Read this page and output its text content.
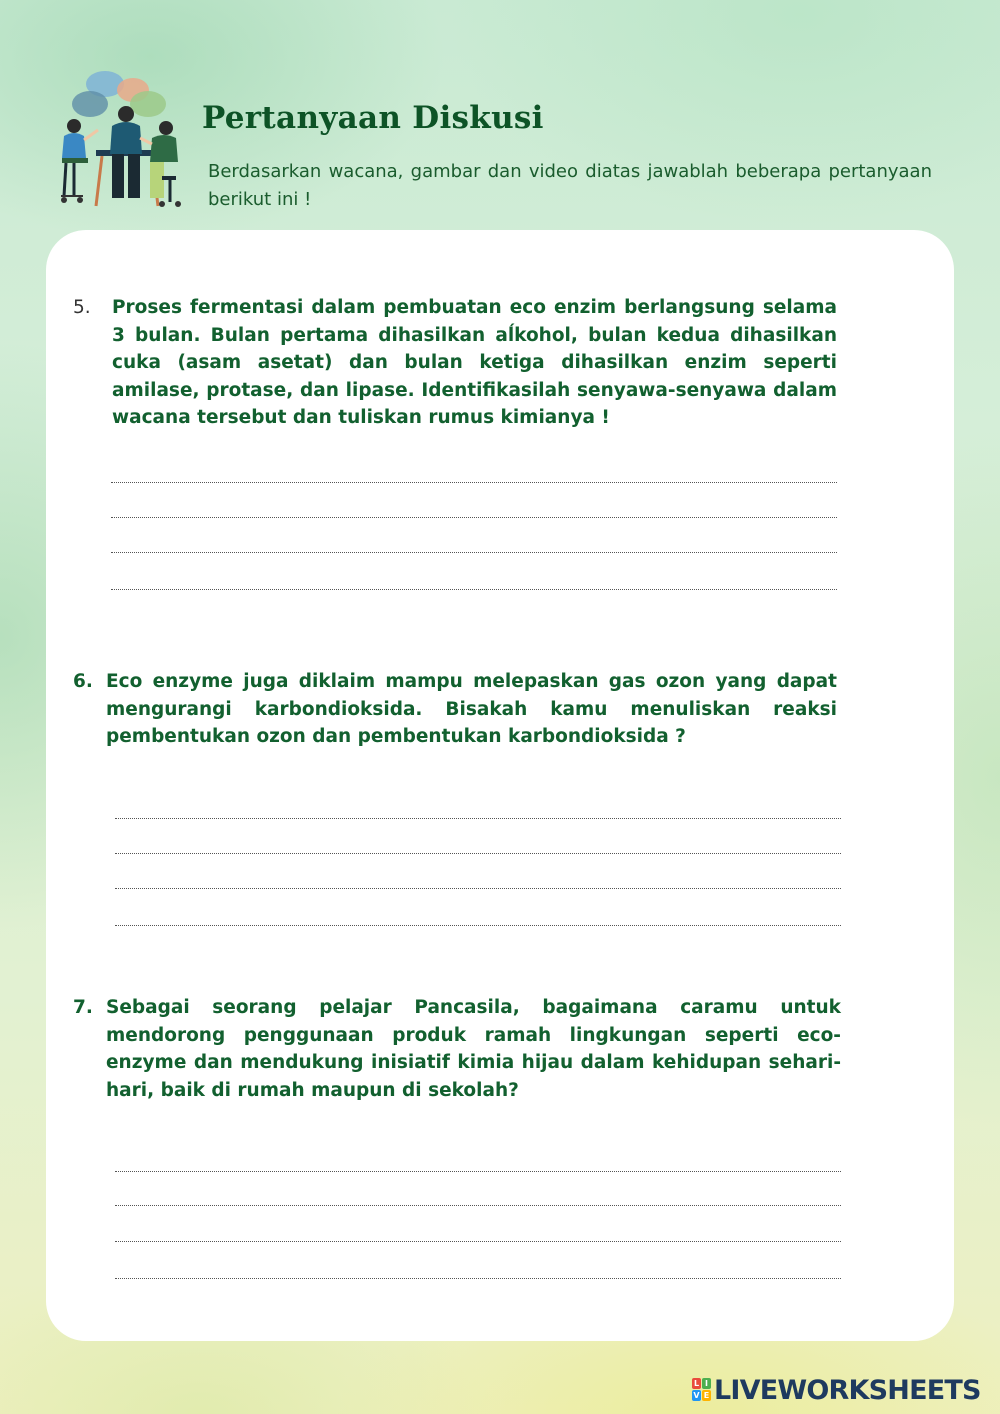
Pertanyaan Diskusi
Berdasarkan wacana, gambar dan video diatas jawablah beberapa pertanyaan berikut ini !
5. Proses fermentasi dalam pembuatan eco enzim berlangsung selama 3 bulan. Bulan pertama dihasilkan aĺkohol, bulan kedua dihasilkan cuka (asam asetat) dan bulan ketiga dihasilkan enzim seperti amilase, protase, dan lipase. Identifikasilah senyawa-senyawa dalam wacana tersebut dan tuliskan rumus kimianya !
6. Eco enzyme juga diklaim mampu melepaskan gas ozon yang dapat mengurangi karbondioksida. Bisakah kamu menuliskan reaksi pembentukan ozon dan pembentukan karbondioksida ?
7. Sebagai seorang pelajar Pancasila, bagaimana caramu untuk mendorong penggunaan produk ramah lingkungan seperti eco-enzyme dan mendukung inisiatif kimia hijau dalam kehidupan sehari-hari, baik di rumah maupun di sekolah?
L I
V E LIVEWORKSHEETS
